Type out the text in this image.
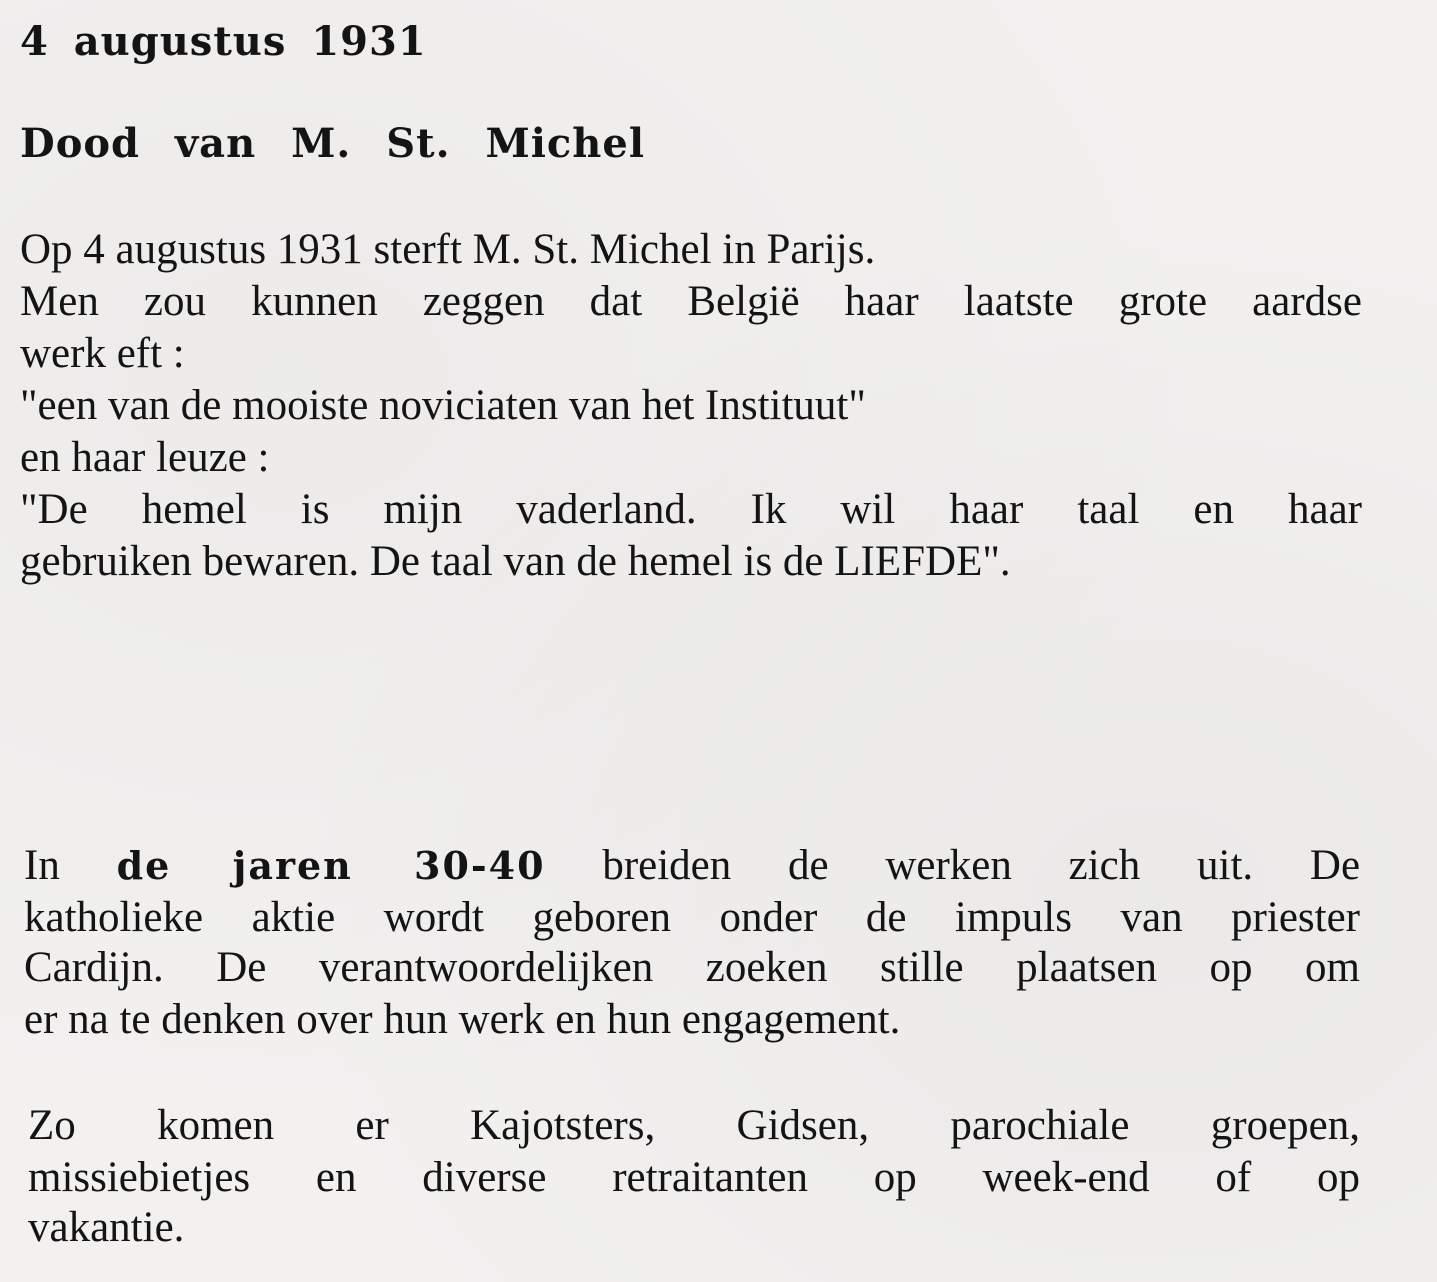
4 augustus 1931
Dood van M. St. Michel

Op 4 augustus 1931 sterft M. St. Michel in Parijs.

Men zou kunnen zeggen dat België haar laatste grote aardse

werk eft :

"een van de mooiste noviciaten van het Instituut"

en haar leuze :

"De hemel is mijn vaderland. Ik wil haar taal en haar

gebruiken bewaren. De taal van de hemel is de LIEFDE".

In de jaren 30-40 breiden de werken zich uit. De

katholieke aktie wordt geboren onder de impuls van priester

Cardijn. De verantwoordelijken zoeken stille plaatsen op om

er na te denken over hun werk en hun engagement.

Zo komen er Kajotsters, Gidsen, parochiale groepen,

missiebietjes en diverse retraitanten op week-end of op

vakantie.
